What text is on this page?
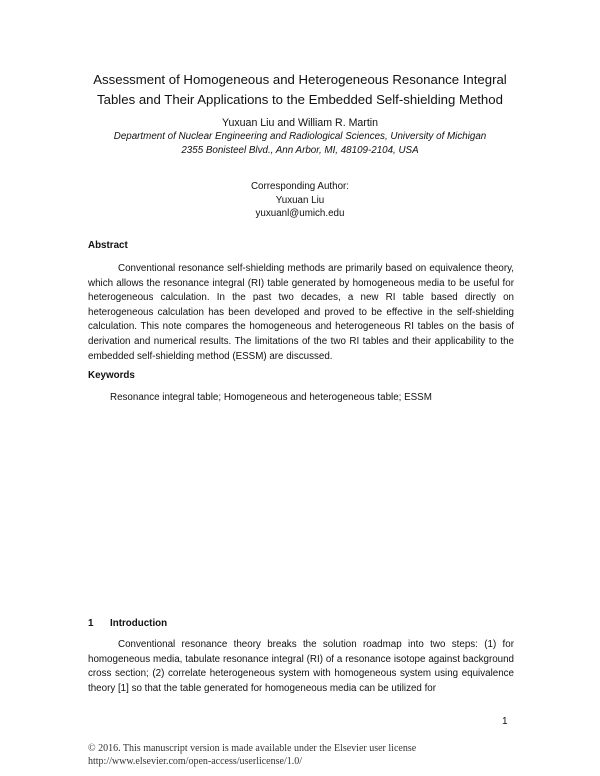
Assessment of Homogeneous and Heterogeneous Resonance Integral
Tables and Their Applications to the Embedded Self-shielding Method
Yuxuan Liu and William R. Martin
Department of Nuclear Engineering and Radiological Sciences, University of Michigan
2355 Bonisteel Blvd., Ann Arbor, MI, 48109-2104, USA
Corresponding Author:
Yuxuan Liu
yuxuanl@umich.edu
Abstract
Conventional resonance self-shielding methods are primarily based on equivalence theory, which allows the resonance integral (RI) table generated by homogeneous media to be useful for heterogeneous calculation. In the past two decades, a new RI table based directly on heterogeneous calculation has been developed and proved to be effective in the self-shielding calculation. This note compares the homogeneous and heterogeneous RI tables on the basis of derivation and numerical results. The limitations of the two RI tables and their applicability to the embedded self-shielding method (ESSM) are discussed.
Keywords
Resonance integral table; Homogeneous and heterogeneous table; ESSM
1 Introduction
Conventional resonance theory breaks the solution roadmap into two steps: (1) for homogeneous media, tabulate resonance integral (RI) of a resonance isotope against background cross section; (2) correlate heterogeneous system with homogeneous system using equivalence theory [1] so that the table generated for homogeneous media can be utilized for
1
© 2016. This manuscript version is made available under the Elsevier user license
http://www.elsevier.com/open-access/userlicense/1.0/
